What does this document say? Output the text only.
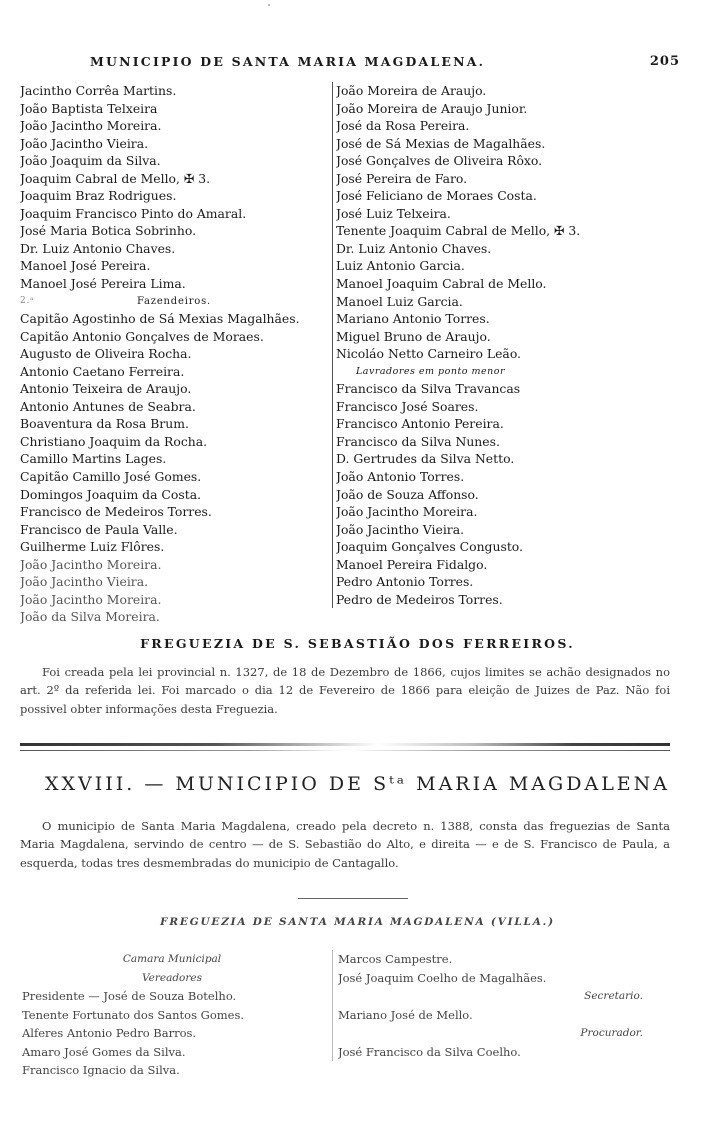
MUNICIPIO DE SANTA MARIA MAGDALENA.	205
Jacintho Corrêa Martins.
João Baptista Telxeira
João Jacintho Moreira.
João Jacintho Vieira.
João Joaquim da Silva.
Joaquim Cabral de Mello, ✠ 3.
Joaquim Braz Rodrigues.
Joaquim Francisco Pinto do Amaral.
José Maria Botica Sobrinho.
Dr. Luiz Antonio Chaves.
Manoel José Pereira.
Manoel José Pereira Lima.
2.ᵃ	Fazendeiros.
Capitão Agostinho de Sá Mexias Magalhães.
Capitão Antonio Gonçalves de Moraes.
Augusto de Oliveira Rocha.
Antonio Caetano Ferreira.
Antonio Teixeira de Araujo.
Antonio Antunes de Seabra.
Boaventura da Rosa Brum.
Christiano Joaquim da Rocha.
Camillo Martins Lages.
Capitão Camillo José Gomes.
Domingos Joaquim da Costa.
Francisco de Medeiros Torres.
Francisco de Paula Valle.
Guilherme Luiz Flôres.
João Jacintho Moreira.
João Jacintho Vieira.
João Jacintho Moreira.
João da Silva Moreira.
João Moreira de Araujo.
João Moreira de Araujo Junior.
José da Rosa Pereira.
José de Sá Mexias de Magalhães.
José Gonçalves de Oliveira Rôxo.
José Pereira de Faro.
José Feliciano de Moraes Costa.
José Luiz Telxeira.
Tenente Joaquim Cabral de Mello, ✠ 3.
Dr. Luiz Antonio Chaves.
Luiz Antonio Garcia.
Manoel Joaquim Cabral de Mello.
Manoel Luiz Garcia.
Mariano Antonio Torres.
Miguel Bruno de Araujo.
Nicoláo Netto Carneiro Leão.
Lavradores em ponto menor
Francisco da Silva Travancas
Francisco José Soares.
Francisco Antonio Pereira.
Francisco da Silva Nunes.
D. Gertrudes da Silva Netto.
João Antonio Torres.
João de Souza Affonso.
João Jacintho Moreira.
João Jacintho Vieira.
Joaquim Gonçalves Congusto.
Manoel Pereira Fidalgo.
Pedro Antonio Torres.
Pedro de Medeiros Torres.
FREGUEZIA DE S. SEBASTIÃO DOS FERREIROS.
Foi creada pela lei provincial n. 1327, de 18 de Dezembro de 1866, cujos limites se achão designados no art. 2º da referida lei. Foi marcado o dia 12 de Fevereiro de 1866 para eleição de Juizes de Paz. Não foi possivel obter informações desta Freguezia.
XXVIII. — MUNICIPIO DE Sᵗᵃ MARIA MAGDALENA
O municipio de Santa Maria Magdalena, creado pela decreto n. 1388, consta das freguezias de Santa Maria Magdalena, servindo de centro — de S. Sebastião do Alto, e direita — e de S. Francisco de Paula, a esquerda, todas tres desmembradas do municipio de Cantagallo.
FREGUEZIA DE SANTA MARIA MAGDALENA (VILLA.)
Camara Municipal
Vereadores
Presidente — José de Souza Botelho.
Tenente Fortunato dos Santos Gomes.
Alferes Antonio Pedro Barros.
Amaro José Gomes da Silva.
Francisco Ignacio da Silva.
Marcos Campestre.
José Joaquim Coelho de Magalhães.
Secretario.
Mariano José de Mello.
Procurador.
José Francisco da Silva Coelho.
